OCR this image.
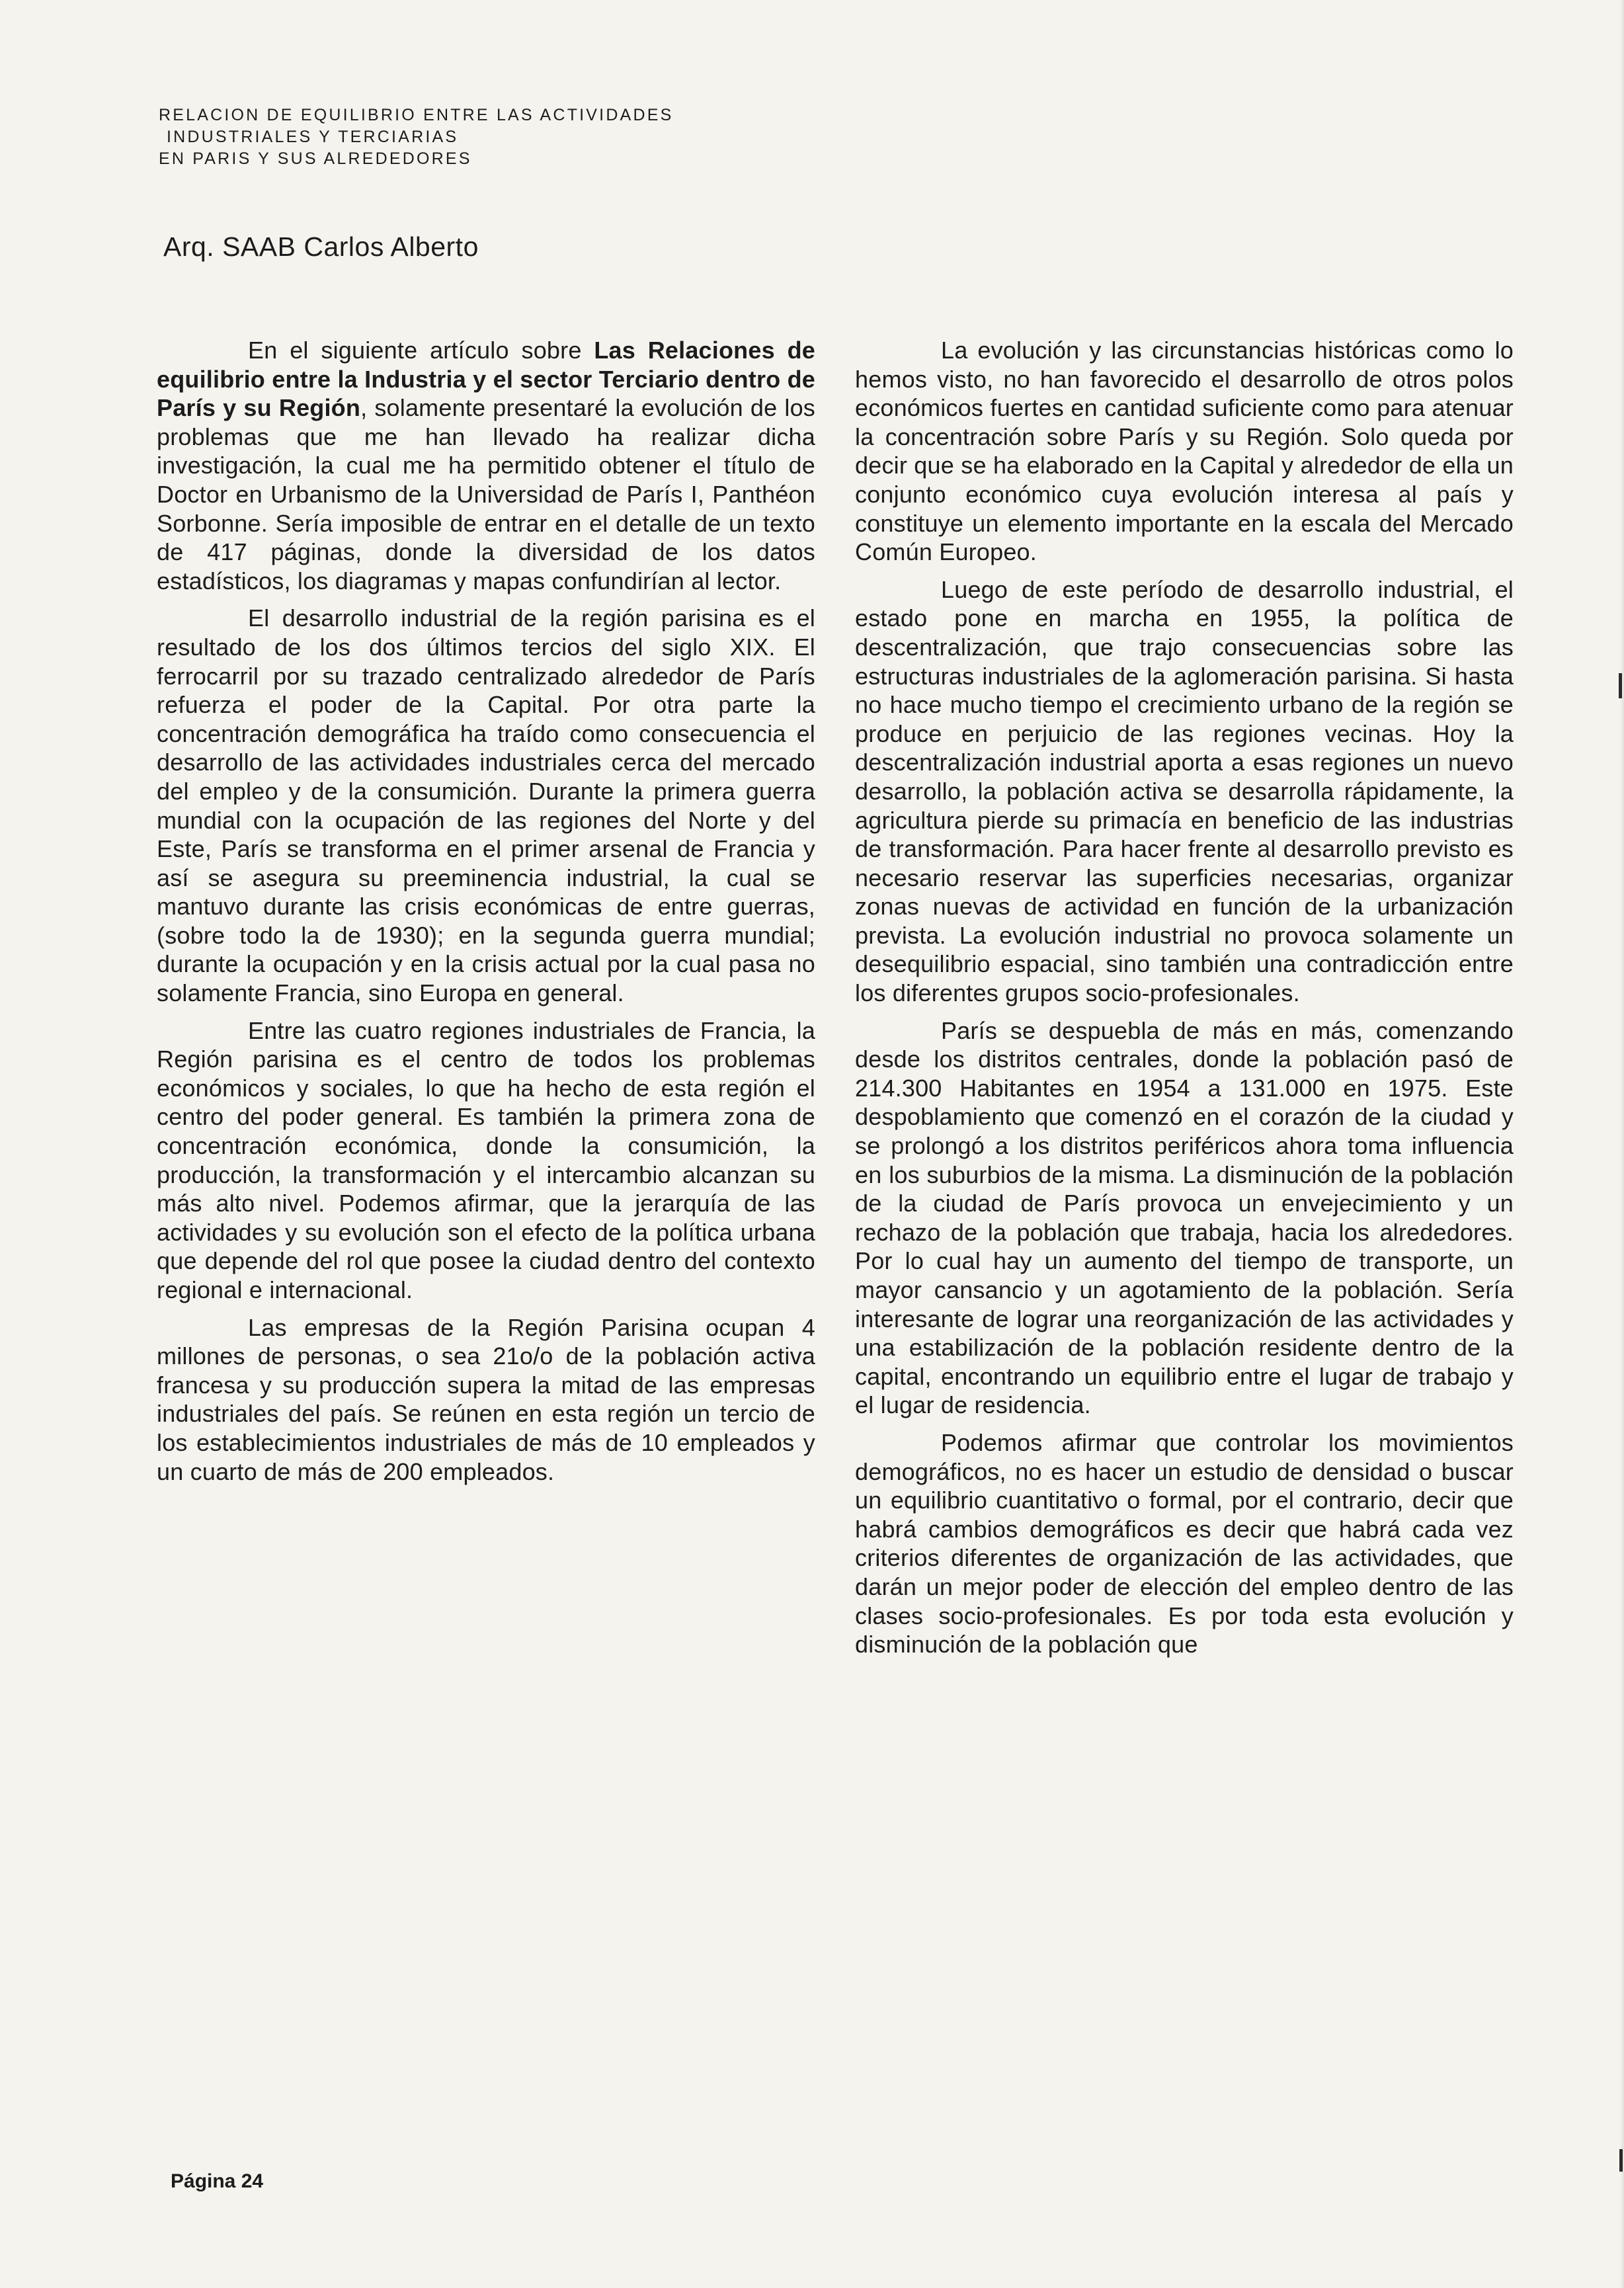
RELACION DE EQUILIBRIO ENTRE LAS ACTIVIDADES
INDUSTRIALES Y TERCIARIAS
EN PARIS Y SUS ALREDEDORES
Arq. SAAB Carlos Alberto

En el siguiente artículo sobre Las Relaciones de equilibrio entre la Industria y el sector Terciario dentro de París y su Región, solamente presentaré la evolución de los problemas que me han llevado ha realizar dicha investigación, la cual me ha permitido obtener el título de Doctor en Urbanismo de la Universidad de París I, Panthéon Sorbonne. Sería imposible de entrar en el detalle de un texto de 417 páginas, donde la diversidad de los datos estadísticos, los diagramas y mapas confundirían al lector.

El desarrollo industrial de la región parisina es el resultado de los dos últimos tercios del siglo XIX. El ferrocarril por su trazado centralizado alrededor de París refuerza el poder de la Capital. Por otra parte la concentración demográfica ha traído como consecuencia el desarrollo de las actividades industriales cerca del mercado del empleo y de la consumición. Durante la primera guerra mundial con la ocupación de las regiones del Norte y del Este, París se transforma en el primer arsenal de Francia y así se asegura su preeminencia industrial, la cual se mantuvo durante las crisis económicas de entre guerras, (sobre todo la de 1930); en la segunda guerra mundial; durante la ocupación y en la crisis actual por la cual pasa no solamente Francia, sino Europa en general.

Entre las cuatro regiones industriales de Francia, la Región parisina es el centro de todos los problemas económicos y sociales, lo que ha hecho de esta región el centro del poder general. Es también la primera zona de concentración económica, donde la consumición, la producción, la transformación y el intercambio alcanzan su más alto nivel. Podemos afirmar, que la jerarquía de las actividades y su evolución son el efecto de la política urbana que depende del rol que posee la ciudad dentro del contexto regional e internacional.

Las empresas de la Región Parisina ocupan 4 millones de personas, o sea 21o/o de la población activa francesa y su producción supera la mitad de las empresas industriales del país. Se reúnen en esta región un tercio de los establecimientos industriales de más de 10 empleados y un cuarto de más de 200 empleados.

La evolución y las circunstancias históricas como lo hemos visto, no han favorecido el desarrollo de otros polos económicos fuertes en cantidad suficiente como para atenuar la concentración sobre París y su Región. Solo queda por decir que se ha elaborado en la Capital y alrededor de ella un conjunto económico cuya evolución interesa al país y constituye un elemento importante en la escala del Mercado Común Europeo.

Luego de este período de desarrollo industrial, el estado pone en marcha en 1955, la política de descentralización, que trajo consecuencias sobre las estructuras industriales de la aglomeración parisina. Si hasta no hace mucho tiempo el crecimiento urbano de la región se produce en perjuicio de las regiones vecinas. Hoy la descentralización industrial aporta a esas regiones un nuevo desarrollo, la población activa se desarrolla rápidamente, la agricultura pierde su primacía en beneficio de las industrias de transformación. Para hacer frente al desarrollo previsto es necesario reservar las superficies necesarias, organizar zonas nuevas de actividad en función de la urbanización prevista. La evolución industrial no provoca solamente un desequilibrio espacial, sino también una contradicción entre los diferentes grupos socio-profesionales.

París se despuebla de más en más, comenzando desde los distritos centrales, donde la población pasó de 214.300 Habitantes en 1954 a 131.000 en 1975. Este despoblamiento que comenzó en el corazón de la ciudad y se prolongó a los distritos periféricos ahora toma influencia en los suburbios de la misma. La disminución de la población de la ciudad de París provoca un envejecimiento y un rechazo de la población que trabaja, hacia los alrededores. Por lo cual hay un aumento del tiempo de transporte, un mayor cansancio y un agotamiento de la población. Sería interesante de lograr una reorganización de las actividades y una estabilización de la población residente dentro de la capital, encontrando un equilibrio entre el lugar de trabajo y el lugar de residencia.

Podemos afirmar que controlar los movimientos demográficos, no es hacer un estudio de densidad o buscar un equilibrio cuantitativo o formal, por el contrario, decir que habrá cambios demográficos es decir que habrá cada vez criterios diferentes de organización de las actividades, que darán un mejor poder de elección del empleo dentro de las clases socio-profesionales. Es por toda esta evolución y disminución de la población que

Página 24
